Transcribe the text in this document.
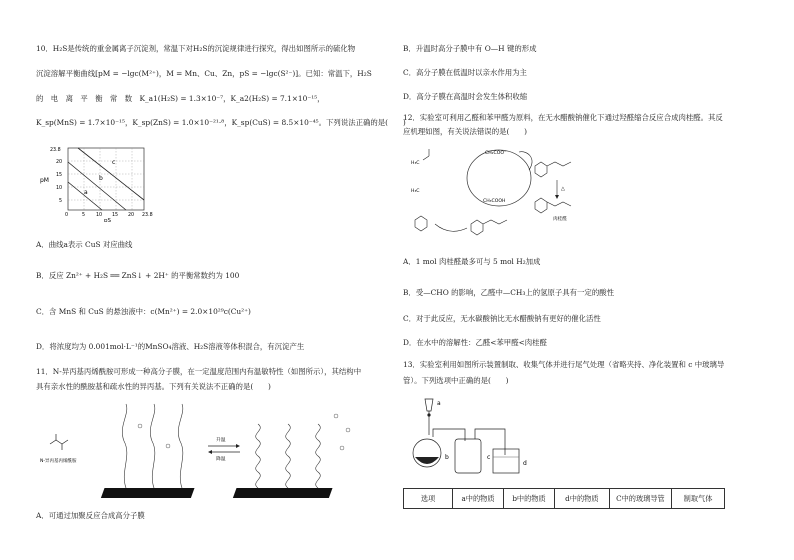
10．H₂S是传统的重金属离子沉淀剂，常温下对H₂S的沉淀规律进行探究，得出如图所示的硫化物
沉淀溶解平衡曲线[pM = −lgc(M²⁺)，M = Mn、Cu、Zn，pS = −lgc(S²⁻)]。已知：常温下，H₂S
的　电　离　平　衡　常　数　K_a1(H₂S) = 1.3×10⁻⁷，K_a2(H₂S) = 7.1×10⁻¹⁵，
K_sp(MnS) = 1.7×10⁻¹⁵，K_sp(ZnS) = 1.0×10⁻²¹·⁸，K_sp(CuS) = 8.5×10⁻⁴⁵。下列说法正确的是(　　)
c
b
a
23.8
20
15
10
5
pM
0	5 10 15 20 23.8
pS
A．曲线a表示 CuS 对应曲线
B．反应 Zn²⁺ + H₂S ══ ZnS↓ + 2H⁺ 的平衡常数约为 100
C．含 MnS 和 CuS 的悬浊液中：c(Mn²⁺) = 2.0×10²⁹c(Cu²⁺)
D．将浓度均为 0.001mol·L⁻¹的MnSO₄溶液、H₂S溶液等体积混合，有沉淀产生
11．N-异丙基丙烯酰胺可形成一种高分子膜，在一定温度范围内有温敏特性（如图所示），其结构中
具有亲水性的酰胺基和疏水性的异丙基。下列有关说法不正确的是(　　)
N-异丙基丙烯酰胺
升温
降温
A．可通过加聚反应合成高分子膜
B．升温时高分子膜中有 O—H 键的形成
C．高分子膜在低温时以亲水作用为主
D．高分子膜在高温时会发生体积收缩
12．实验室可利用乙醛和苯甲醛为原料，在无水醋酸钠催化下通过羟醛缩合反应合成肉桂醛。其反
应机理如图，有关说法错误的是(　　)
CH₂COO⁻
CH₃COOH
H₃C
H₃C	△
肉桂醛
A．1 mol 肉桂醛最多可与 5 mol H₂加成
B．受—CHO 的影响，乙醛中—CH₃上的氢原子具有一定的酸性
C．对于此反应，无水碳酸钠比无水醋酸钠有更好的催化活性
D．在水中的溶解性：乙醛<苯甲醛<肉桂醛
13．实验室利用如图所示装置制取、收集气体并进行尾气处理（省略夹持、净化装置和 c 中玻璃导
管）。下列选项中正确的是(　　)
a
b	c
d
选项	a中的物质	b中的物质	d中的物质	C中的玻璃导管	制取气体
